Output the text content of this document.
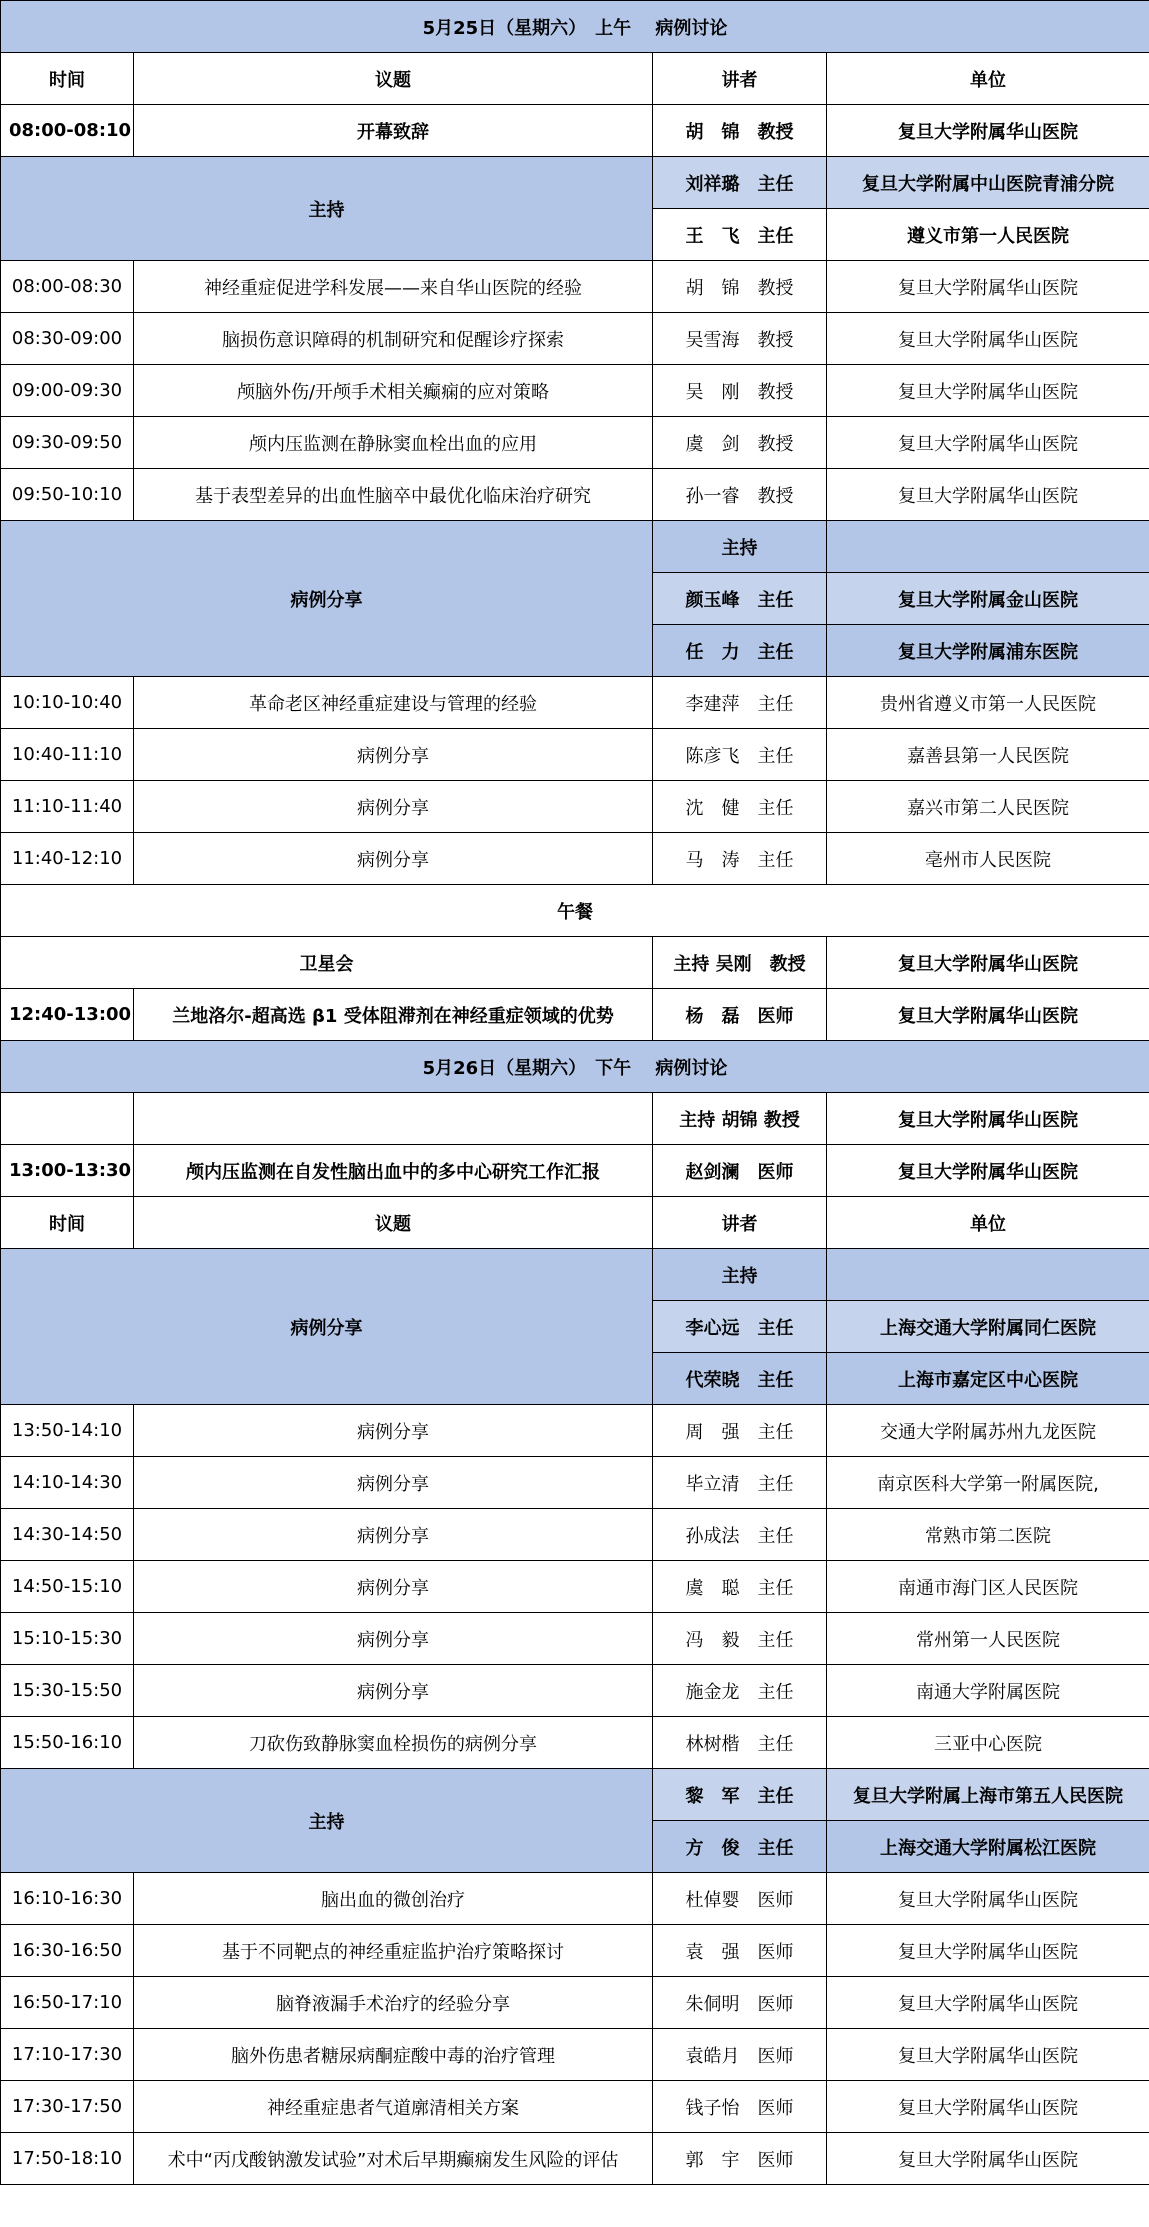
5月25日（星期六）　上午　 病例讨论			
时间	议题	讲者	单位
08:00-08:10	开幕致辞	胡　锦　教授	复旦大学附属华山医院
主持		刘祥璐　主任	复旦大学附属中山医院青浦分院
		王　飞　主任	遵义市第一人民医院
08:00-08:30	神经重症促进学科发展——来自华山医院的经验	胡　锦　教授	复旦大学附属华山医院
08:30-09:00	脑损伤意识障碍的机制研究和促醒诊疗探索	吴雪海　教授	复旦大学附属华山医院
09:00-09:30	颅脑外伤/开颅手术相关癫痫的应对策略	吴　刚　教授	复旦大学附属华山医院
09:30-09:50	颅内压监测在静脉窦血栓出血的应用	虞　剑　教授	复旦大学附属华山医院
09:50-10:10	基于表型差异的出血性脑卒中最优化临床治疗研究	孙一睿　教授	复旦大学附属华山医院
病例分享		主持	
		颜玉峰　主任	复旦大学附属金山医院
		任　力　主任	复旦大学附属浦东医院
10:10-10:40	革命老区神经重症建设与管理的经验	李建萍　主任	贵州省遵义市第一人民医院
10:40-11:10	病例分享	陈彦飞　主任	嘉善县第一人民医院
11:10-11:40	病例分享	沈　健　主任	嘉兴市第二人民医院
11:40-12:10	病例分享	马　涛　主任	亳州市人民医院
午餐			
卫星会		主持 吴刚　教授	复旦大学附属华山医院
12:40-13:00	兰地洛尔-超高选 β1 受体阻滞剂在神经重症领域的优势	杨　磊　医师	复旦大学附属华山医院
5月26日（星期六）　下午　 病例讨论			
		主持 胡锦 教授	复旦大学附属华山医院
13:00-13:30	颅内压监测在自发性脑出血中的多中心研究工作汇报	赵剑澜　医师	复旦大学附属华山医院
时间	议题	讲者	单位
病例分享		主持	
		李心远　主任	上海交通大学附属同仁医院
		代荣晓　主任	上海市嘉定区中心医院
13:50-14:10	病例分享	周　强　主任	交通大学附属苏州九龙医院
14:10-14:30	病例分享	毕立清　主任	南京医科大学第一附属医院,
14:30-14:50	病例分享	孙成法　主任	常熟市第二医院
14:50-15:10	病例分享	虞　聪　主任	南通市海门区人民医院
15:10-15:30	病例分享	冯　毅　主任	常州第一人民医院
15:30-15:50	病例分享	施金龙　主任	南通大学附属医院
15:50-16:10	刀砍伤致静脉窦血栓损伤的病例分享	林树楷　主任	三亚中心医院
主持		黎　军　主任	复旦大学附属上海市第五人民医院
		方　俊　主任	上海交通大学附属松江医院
16:10-16:30	脑出血的微创治疗	杜倬婴　医师	复旦大学附属华山医院
16:30-16:50	基于不同靶点的神经重症监护治疗策略探讨	袁　强　医师	复旦大学附属华山医院
16:50-17:10	脑脊液漏手术治疗的经验分享	朱侗明　医师	复旦大学附属华山医院
17:10-17:30	脑外伤患者糖尿病酮症酸中毒的治疗管理	袁皓月　医师	复旦大学附属华山医院
17:30-17:50	神经重症患者气道廓清相关方案	钱子怡　医师	复旦大学附属华山医院
17:50-18:10	术中“丙戊酸钠激发试验”对术后早期癫痫发生风险的评估	郭　宇　医师	复旦大学附属华山医院
